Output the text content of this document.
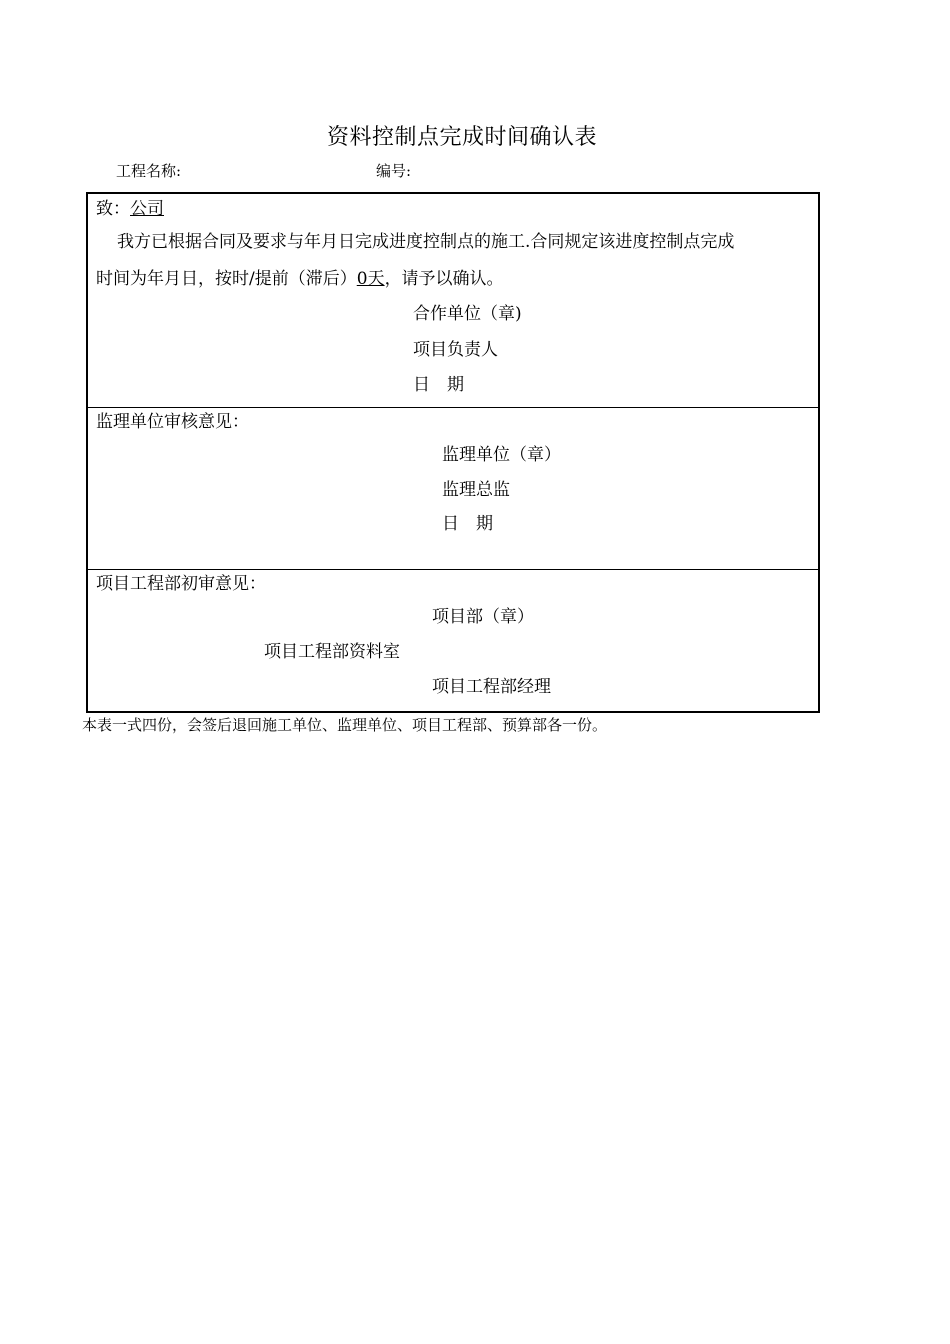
资料控制点完成时间确认表
工程名称:	编号:
致：公司
我方已根据合同及要求与年月日完成进度控制点的施工.合同规定该进度控制点完成
时间为年月日，按时/提前（滞后）0天，请予以确认。
合作单位（章)
项目负责人
日　期
监理单位审核意见：
监理单位（章）
监理总监
日　期
项目工程部初审意见：
项目部（章）
项目工程部资料室
项目工程部经理
本表一式四份，会签后退回施工单位、监理单位、项目工程部、预算部各一份。
